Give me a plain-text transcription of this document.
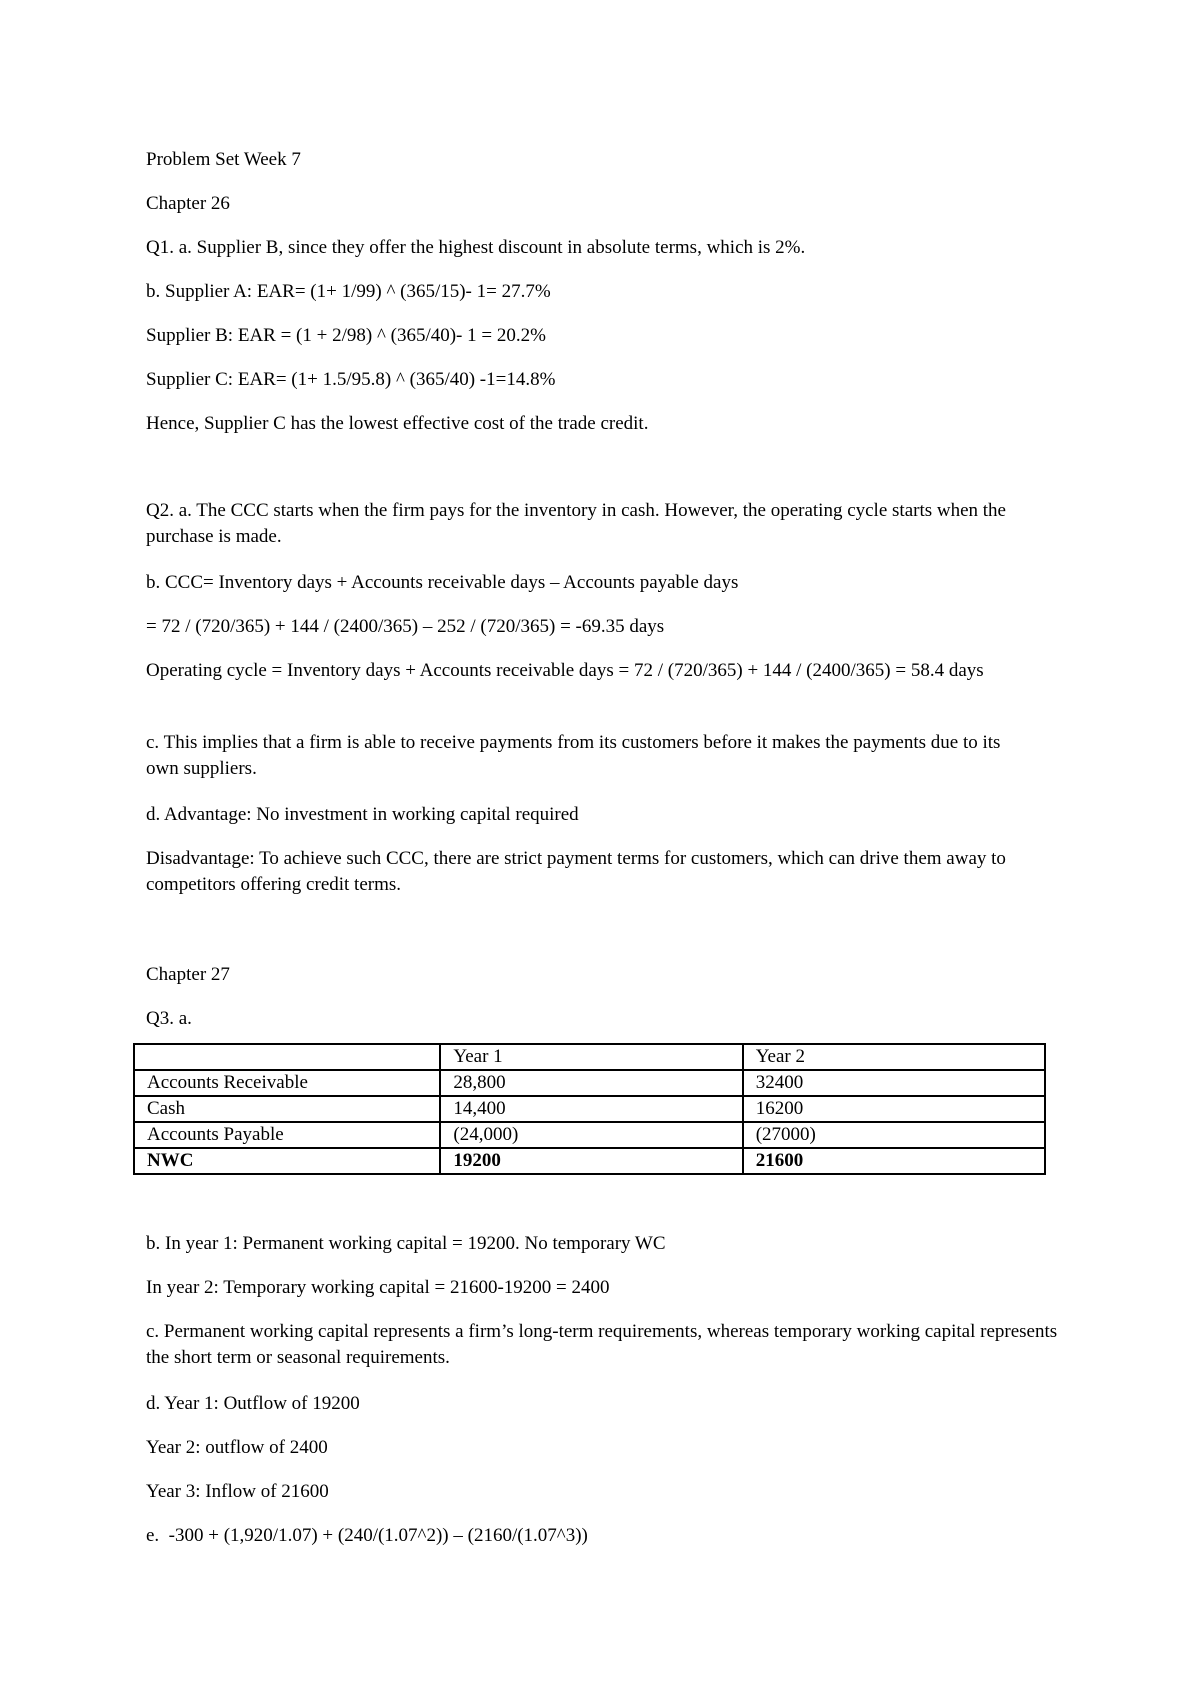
Problem Set Week 7

Chapter 26

Q1. a. Supplier B, since they offer the highest discount in absolute terms, which is 2%.

b. Supplier A: EAR= (1+ 1/99) ^ (365/15)- 1= 27.7%

Supplier B: EAR = (1 + 2/98) ^ (365/40)- 1 = 20.2%

Supplier C: EAR= (1+ 1.5/95.8) ^ (365/40) -1=14.8%

Hence, Supplier C has the lowest effective cost of the trade credit.

Q2. a. The CCC starts when the firm pays for the inventory in cash. However, the operating cycle starts when the purchase is made.

b. CCC= Inventory days + Accounts receivable days – Accounts payable days

= 72 / (720/365) + 144 / (2400/365) – 252 / (720/365) = -69.35 days

Operating cycle = Inventory days + Accounts receivable days = 72 / (720/365) + 144 / (2400/365) = 58.4 days

c. This implies that a firm is able to receive payments from its customers before it makes the payments due to its own suppliers.

d. Advantage: No investment in working capital required

Disadvantage: To achieve such CCC, there are strict payment terms for customers, which can drive them away to competitors offering credit terms.

Chapter 27

Q3. a.

	Year 1	Year 2
Accounts Receivable	28,800	32400
Cash	14,400	16200
Accounts Payable	(24,000)	(27000)
NWC	19200	21600

b. In year 1: Permanent working capital = 19200. No temporary WC

In year 2: Temporary working capital = 21600-19200 = 2400

c. Permanent working capital represents a firm’s long-term requirements, whereas temporary working capital represents the short term or seasonal requirements.

d. Year 1: Outflow of 19200

Year 2: outflow of 2400

Year 3: Inflow of 21600

e.  -300 + (1,920/1.07) + (240/(1.07^2)) – (2160/(1.07^3))
